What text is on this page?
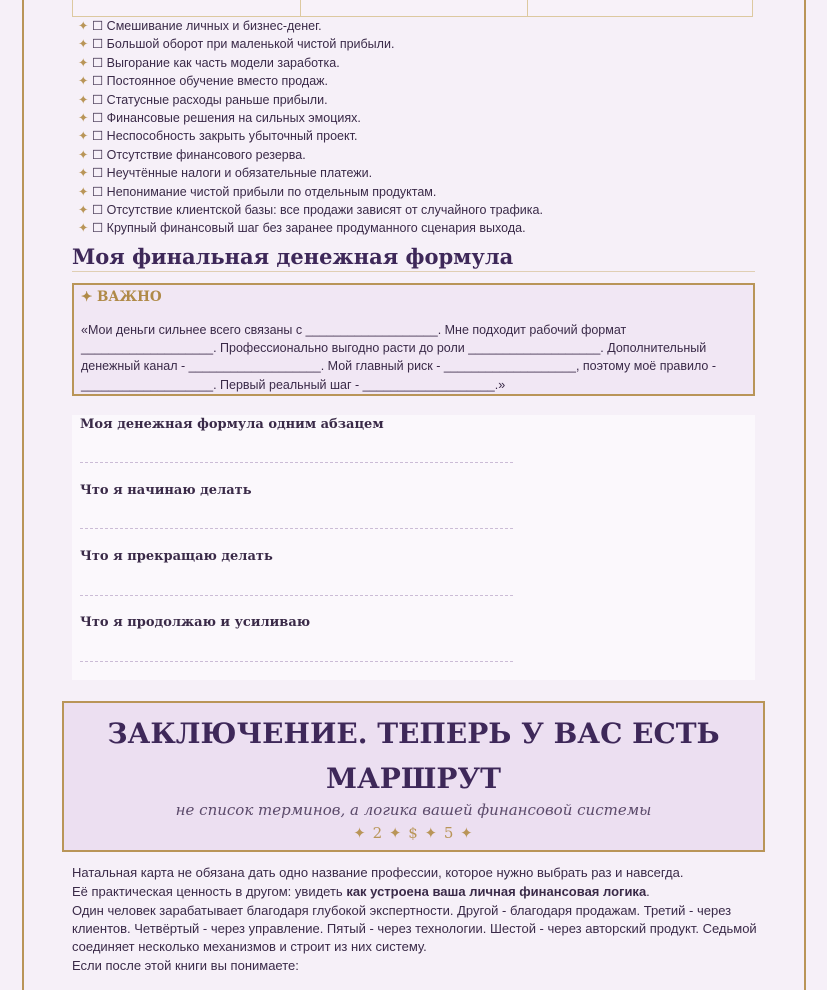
✦ ☐ Смешивание личных и бизнес-денег.
✦ ☐ Большой оборот при маленькой чистой прибыли.
✦ ☐ Выгорание как часть модели заработка.
✦ ☐ Постоянное обучение вместо продаж.
✦ ☐ Статусные расходы раньше прибыли.
✦ ☐ Финансовые решения на сильных эмоциях.
✦ ☐ Неспособность закрыть убыточный проект.
✦ ☐ Отсутствие финансового резерва.
✦ ☐ Неучтённые налоги и обязательные платежи.
✦ ☐ Непонимание чистой прибыли по отдельным продуктам.
✦ ☐ Отсутствие клиентской базы: все продажи зависят от случайного трафика.
✦ ☐ Крупный финансовый шаг без заранее продуманного сценария выхода.
Моя финальная денежная формула
✦ ВАЖНО
«Мои деньги сильнее всего связаны с ___________________. Мне подходит рабочий формат ___________________. Профессионально выгодно расти до роли ___________________. Дополнительный денежный канал - ___________________. Мой главный риск - ___________________, поэтому моё правило - ___________________. Первый реальный шаг - ___________________.»
Моя денежная формула одним абзацем
Что я начинаю делать
Что я прекращаю делать
Что я продолжаю и усиливаю
ЗАКЛЮЧЕНИЕ. ТЕПЕРЬ У ВАС ЕСТЬ
МАРШРУТ
не список терминов, а логика вашей финансовой системы
✦ 2 ✦ $ ✦ 5 ✦

Натальная карта не обязана дать одно название профессии, которое нужно выбрать раз и навсегда.

Её практическая ценность в другом: увидеть как устроена ваша личная финансовая логика.

Один человек зарабатывает благодаря глубокой экспертности. Другой - благодаря продажам. Третий - через клиентов. Четвёртый - через управление. Пятый - через технологии. Шестой - через авторский продукт. Седьмой соединяет несколько механизмов и строит из них систему.

Если после этой книги вы понимаете:
